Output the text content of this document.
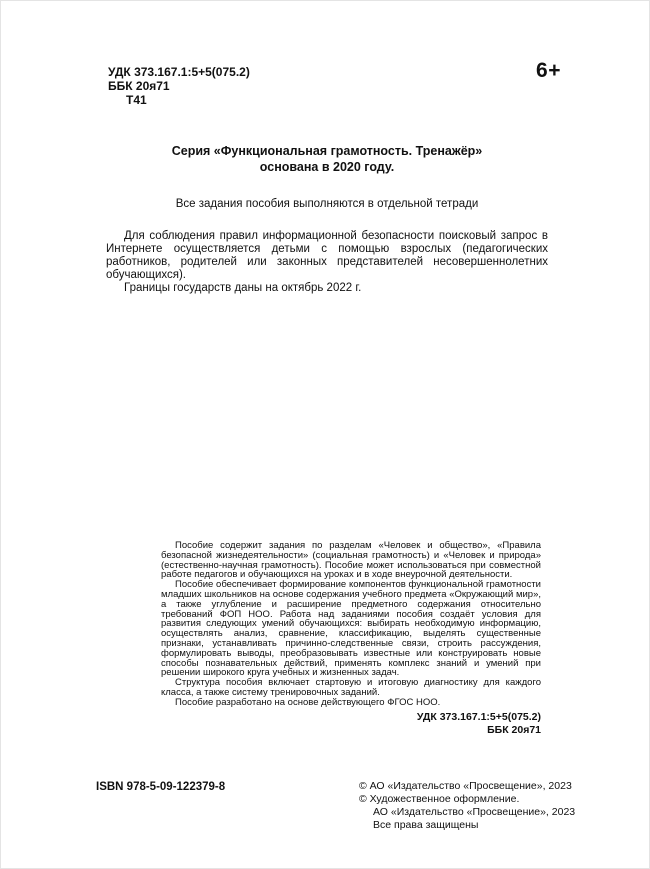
УДК 373.167.1:5+5(075.2)
ББК 20я71
Т41
6+
Серия «Функциональная грамотность. Тренажёр»
основана в 2020 году.
Все задания пособия выполняются в отдельной тетради

Для соблюдения правил информационной безопасности поисковый запрос в Интернете осуществляется детьми с помощью взрослых (педагогических работников, родителей или законных представителей несовершеннолетних обучающихся).

Границы государств даны на октябрь 2022 г.

Пособие содержит задания по разделам «Человек и общество», «Правила безопасной жизнедеятельности» (социальная грамотность) и «Человек и природа» (естественно-научная грамотность). Пособие может использоваться при совместной работе педагогов и обучающихся на уроках и в ходе внеурочной деятельности.

Пособие обеспечивает формирование компонентов функциональной грамотности младших школьников на основе содержания учебного предмета «Окружающий мир», а также углубление и расширение предметного содержания относительно требований ФОП НОО. Работа над заданиями пособия создаёт условия для развития следующих умений обучающихся: выбирать необходимую информацию, осуществлять анализ, сравнение, классификацию, выделять существенные признаки, устанавливать причинно-следственные связи, строить рассуждения, формулировать выводы, преобразовывать известные или конструировать новые способы познавательных действий, применять комплекс знаний и умений при решении широкого круга учебных и жизненных задач.

Структура пособия включает стартовую и итоговую диагностику для каждого класса, а также систему тренировочных заданий.

Пособие разработано на основе действующего ФГОС НОО.

УДК 373.167.1:5+5(075.2)
ББК 20я71
ISBN 978-5-09-122379-8	© АО «Издательство «Просвещение», 2023
© Художественное оформление.
АО «Издательство «Просвещение», 2023
Все права защищены
